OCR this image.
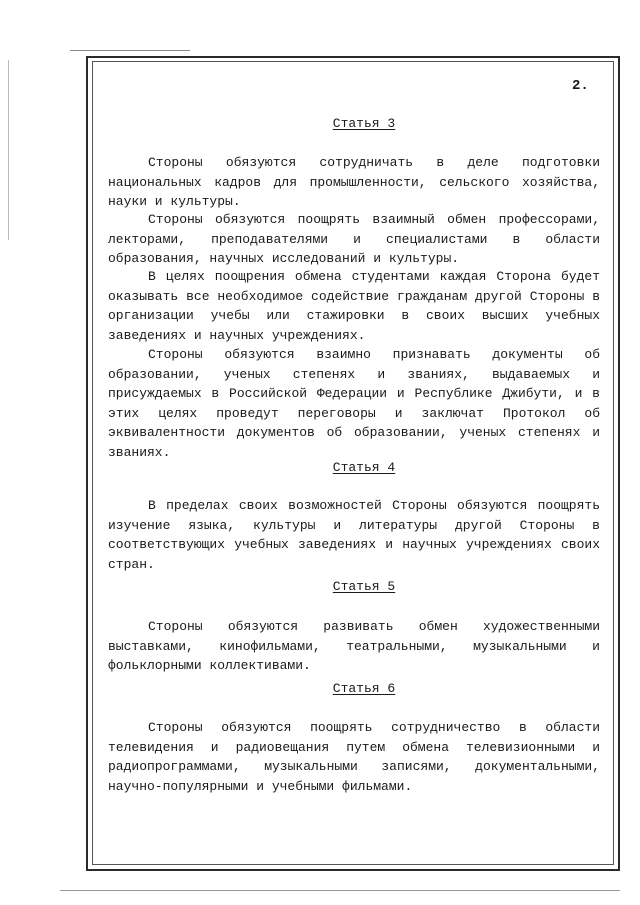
2.
Статья 3

Стороны обязуются сотрудничать в деле подготовки национальных кадров для промышленности, сельского хозяйства, науки и культуры.

Стороны обязуются поощрять взаимный обмен профессорами, лекторами, преподавателями и специалистами в области образования, научных исследований и культуры.

В целях поощрения обмена студентами каждая Сторона будет оказывать все необходимое содействие гражданам другой Стороны в организации учебы или стажировки в своих высших учебных заведениях и научных учреждениях.

Стороны обязуются взаимно признавать документы об образовании, ученых степенях и званиях, выдаваемых и присуждаемых в Российской Федерации и Республике Джибути, и в этих целях проведут переговоры и заключат Протокол об эквивалентности документов об образовании, ученых степенях и званиях.

Статья 4

В пределах своих возможностей Стороны обязуются поощрять изучение языка, культуры и литературы другой Стороны в соответствующих учебных заведениях и научных учреждениях своих стран.

Статья 5

Стороны обязуются развивать обмен художественными выставками, кинофильмами, театральными, музыкальными и фольклорными коллективами.

Статья 6

Стороны обязуются поощрять сотрудничество в области телевидения и радиовещания путем обмена телевизионными и радиопрограммами, музыкальными записями, документальными, научно-популярными и учебными фильмами.
